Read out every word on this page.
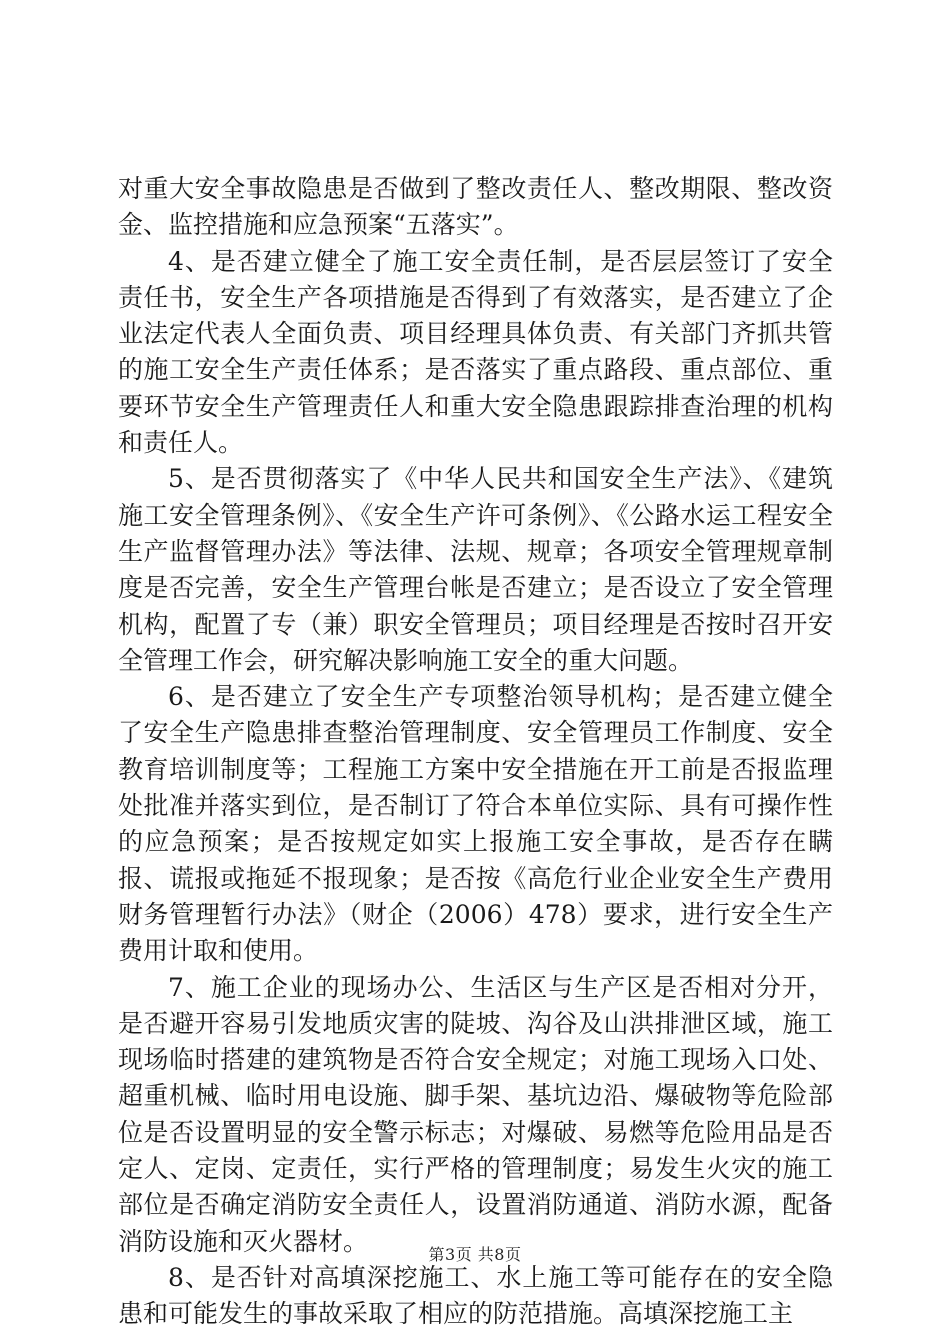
对重大安全事故隐患是否做到了整改责任人、整改期限、整改资金、监控措施和应急预案“五落实”。

4、是否建立健全了施工安全责任制，是否层层签订了安全责任书，安全生产各项措施是否得到了有效落实，是否建立了企业法定代表人全面负责、项目经理具体负责、有关部门齐抓共管的施工安全生产责任体系；是否落实了重点路段、重点部位、重要环节安全生产管理责任人和重大安全隐患跟踪排查治理的机构和责任人。

5、是否贯彻落实了《中华人民共和国安全生产法》、《建筑施工安全管理条例》、《安全生产许可条例》、《公路水运工程安全生产监督管理办法》等法律、法规、规章；各项安全管理规章制度是否完善，安全生产管理台帐是否建立；是否设立了安全管理机构，配置了专（兼）职安全管理员；项目经理是否按时召开安全管理工作会，研究解决影响施工安全的重大问题。

6、是否建立了安全生产专项整治领导机构；是否建立健全了安全生产隐患排查整治管理制度、安全管理员工作制度、安全教育培训制度等；工程施工方案中安全措施在开工前是否报监理处批准并落实到位，是否制订了符合本单位实际、具有可操作性的应急预案；是否按规定如实上报施工安全事故，是否存在瞒报、谎报或拖延不报现象；是否按《高危行业企业安全生产费用财务管理暂行办法》（财企（2006）478）要求，进行安全生产费用计取和使用。

7、施工企业的现场办公、生活区与生产区是否相对分开，是否避开容易引发地质灾害的陡坡、沟谷及山洪排泄区域，施工现场临时搭建的建筑物是否符合安全规定；对施工现场入口处、超重机械、临时用电设施、脚手架、基坑边沿、爆破物等危险部位是否设置明显的安全警示标志；对爆破、易燃等危险用品是否定人、定岗、定责任，实行严格的管理制度；易发生火灾的施工部位是否确定消防安全责任人，设置消防通道、消防水源，配备消防设施和灭火器材。

8、是否针对高填深挖施工、水上施工等可能存在的安全隐患和可能发生的事故采取了相应的防范措施。高填深挖施工主

第3页 共8页
